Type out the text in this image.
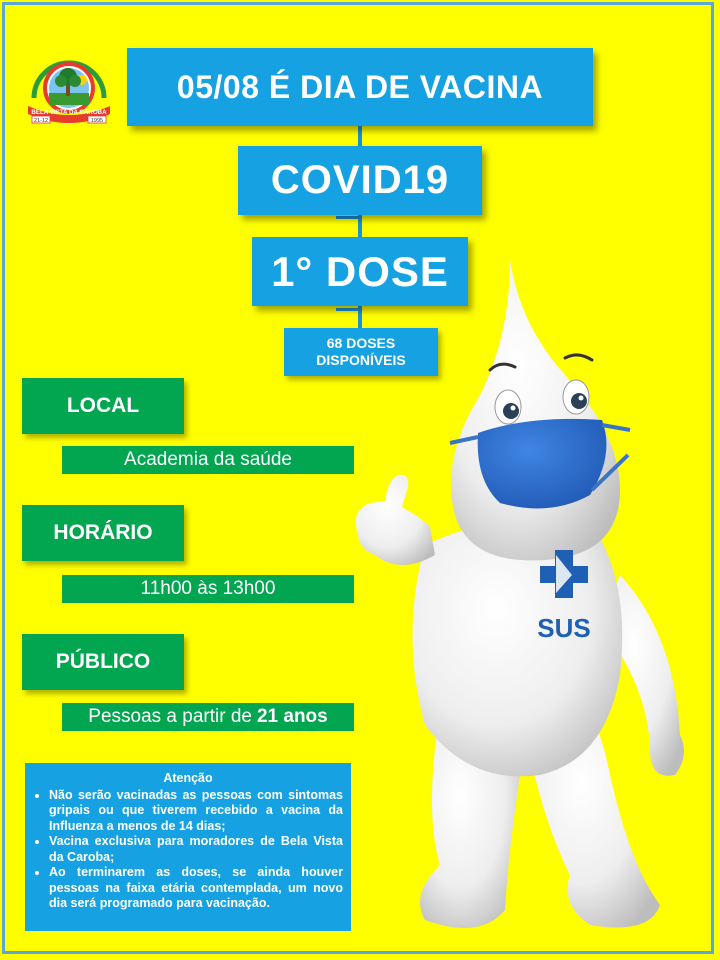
BELA VISTA DA CAROBA
21-12	1995
05/08 É DIA DE VACINA
COVID19
1° DOSE
68 DOSES
DISPONÍVEIS
LOCAL
Academia da saúde
HORÁRIO
11h00 às 13h00
PÚBLICO
Pessoas a partir de 21 anos
Atenção
• Não serão vacinadas as pessoas com sintomas gripais ou que tiverem recebido a vacina da Influenza a menos de 14 dias;
• Vacina exclusiva para moradores de Bela Vista da Caroba;
• Ao terminarem as doses, se ainda houver pessoas na faixa etária contemplada, um novo dia será programado para vacinação.
SUS
